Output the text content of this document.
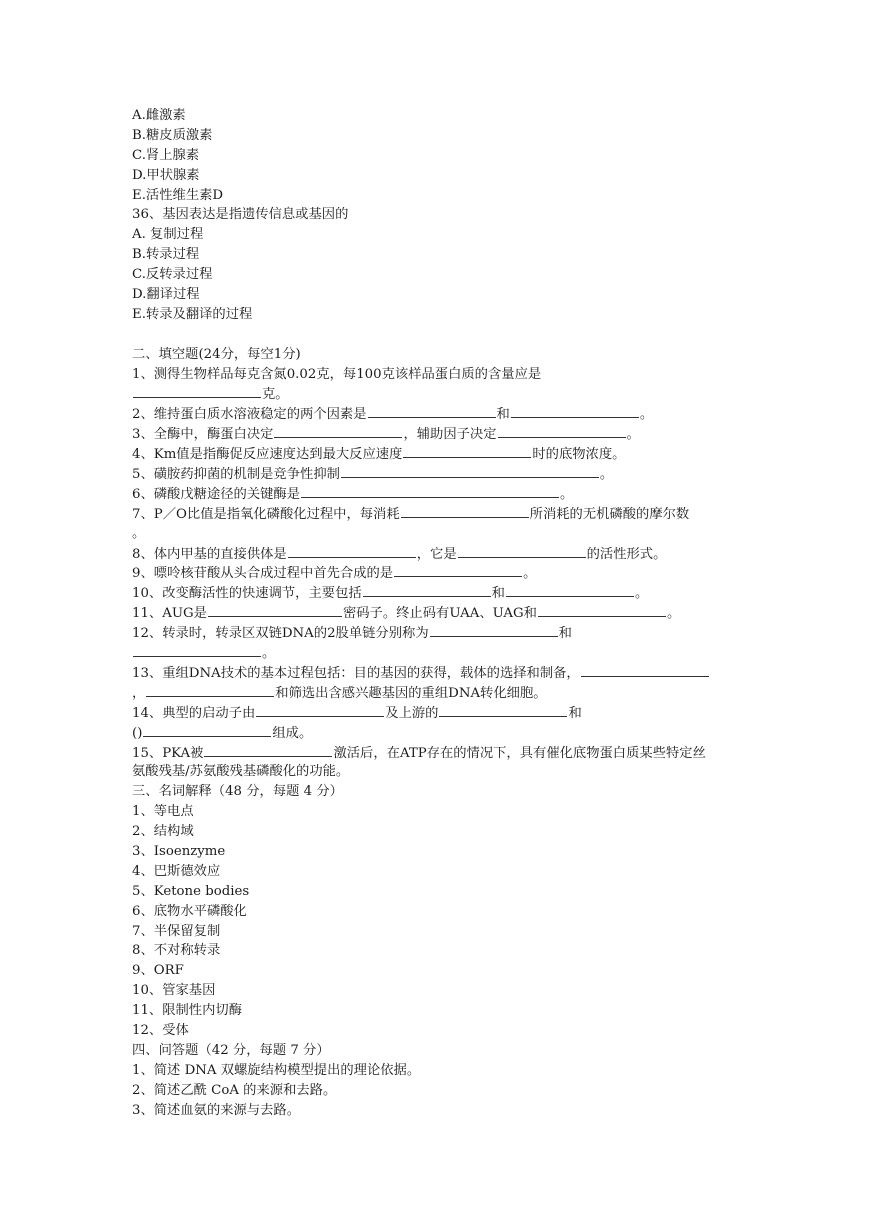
A.雌激素
B.糖皮质激素
C.肾上腺素
D.甲状腺素
E.活性维生素D
36、基因表达是指遗传信息或基因的
A. 复制过程
B.转录过程
C.反转录过程
D.翻译过程
E.转录及翻译的过程
二、填空题(24分，每空1分)
1、测得生物样品每克含氮0.02克，每100克该样品蛋白质的含量应是
克。
2、维持蛋白质水溶液稳定的两个因素是	和	。
3、全酶中，酶蛋白决定	，辅助因子决定	。
4、Km值是指酶促反应速度达到最大反应速度	时的底物浓度。
5、磺胺药抑菌的机制是竞争性抑制	。
6、磷酸戊糖途径的关键酶是	。
7、P／O比值是指氧化磷酸化过程中，每消耗	所消耗的无机磷酸的摩尔数
。
8、体内甲基的直接供体是	，它是	的活性形式。
9、嘌呤核苷酸从头合成过程中首先合成的是	。
10、改变酶活性的快速调节，主要包括	和	。
11、AUG是	密码子。终止码有UAA、UAG和	。
12、转录时，转录区双链DNA的2股单链分别称为	和
。
13、重组DNA技术的基本过程包括：目的基因的获得，载体的选择和制备，
，	和筛选出含感兴趣基因的重组DNA转化细胞。
14、典型的启动子由	及上游的	和
()	组成。
15、PKA被	激活后，在ATP存在的情况下，具有催化底物蛋白质某些特定丝
氨酸残基/苏氨酸残基磷酸化的功能。
三、名词解释（48 分，每题 4 分）
1、等电点
2、结构域
3、Isoenzyme
4、巴斯德效应
5、Ketone bodies
6、底物水平磷酸化
7、半保留复制
8、不对称转录
9、ORF
10、管家基因
11、限制性内切酶
12、受体
四、问答题（42 分，每题 7 分）
1、简述 DNA 双螺旋结构模型提出的理论依据。
2、简述乙酰 CoA 的来源和去路。
3、简述血氨的来源与去路。
